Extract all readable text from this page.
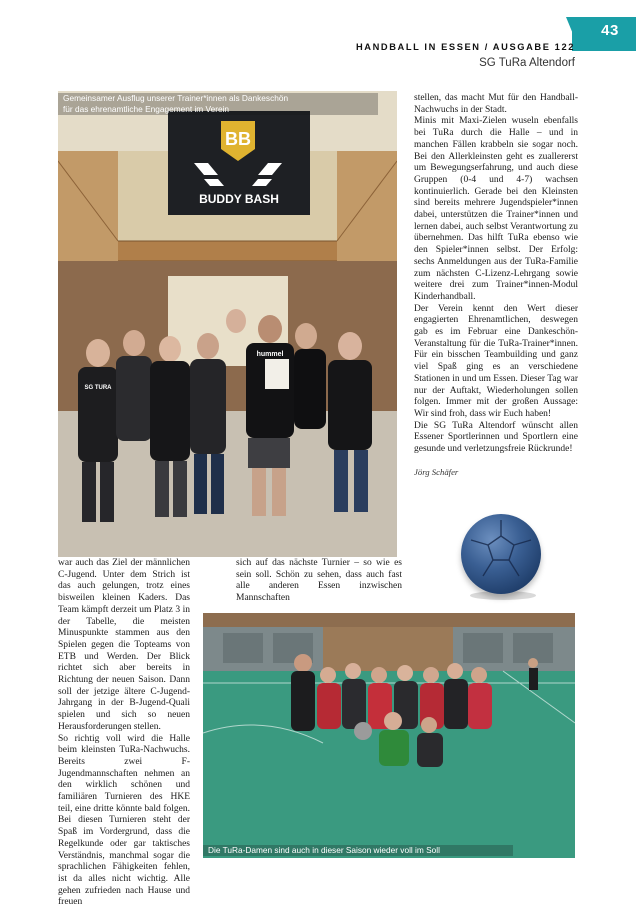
43
HANDBALL IN ESSEN / AUSGABE 122
SG TuRa Altendorf
BB
BUDDY BASH
hummel
SG TURA
Gemeinsamer Ausflug unserer Trainer*innen als Dankeschön
für das ehrenamtliche Engagement im Verein

stellen, das macht Mut für den Handball-Nachwuchs in der Stadt.

Minis mit Maxi-Zielen wuseln ebenfalls bei TuRa durch die Halle – und in manchen Fällen krabbeln sie sogar noch. Bei den Allerkleinsten geht es zuallererst um Bewegungserfahrung, und auch diese Gruppen (0-4 und 4-7) wachsen kontinuierlich. Gerade bei den Kleinsten sind bereits mehrere Jugendspieler*innen dabei, unterstützen die Trainer*innen und lernen dabei, auch selbst Verantwortung zu übernehmen. Das hilft TuRa ebenso wie den Spieler*innen selbst. Der Erfolg: sechs Anmeldungen aus der TuRa-Familie zum nächsten C-Lizenz-Lehrgang sowie weitere drei zum Trainer*innen-Modul Kinderhandball.

Der Verein kennt den Wert dieser engagierten Ehrenamtlichen, deswegen gab es im Februar eine Dankeschön-Veranstaltung für die TuRa-Trainer*innen. Für ein bisschen Teambuilding und ganz viel Spaß ging es an verschiedene Stationen in und um Essen. Dieser Tag war nur der Auftakt, Wiederholungen sollen folgen. Immer mit der großen Aussage: Wir sind froh, dass wir Euch haben!

Die SG TuRa Altendorf wünscht allen Essener Sportlerinnen und Sportlern eine gesunde und verletzungsfreie Rückrunde!

Jörg Schäfer

war auch das Ziel der männlichen C-Jugend. Unter dem Strich ist das auch gelungen, trotz eines bisweilen kleinen Kaders. Das Team kämpft derzeit um Platz 3 in der Tabelle, die meisten Minuspunkte stammen aus den Spielen gegen die Topteams von ETB und Werden. Der Blick richtet sich aber bereits in Richtung der neuen Saison. Dann soll der jetzige ältere C-Jugend-Jahrgang in der B-Jugend-Quali spielen und sich so neuen Herausforderungen stellen.

So richtig voll wird die Halle beim kleinsten TuRa-Nachwuchs. Bereits zwei F-Jugendmannschaften nehmen an den wirklich schönen und familiären Turnieren des HKE teil, eine dritte könnte bald folgen. Bei diesen Turnieren steht der Spaß im Vordergrund, dass die Regelkunde oder gar taktisches Verständnis, manchmal sogar die sprachlichen Fähigkeiten fehlen, ist da alles nicht wichtig. Alle gehen zufrieden nach Hause und freuen

sich auf das nächste Turnier – so wie es sein soll. Schön zu sehen, dass auch fast alle anderen Essen inzwischen Mannschaften

Die TuRa-Damen sind auch in dieser Saison wieder voll im Soll
